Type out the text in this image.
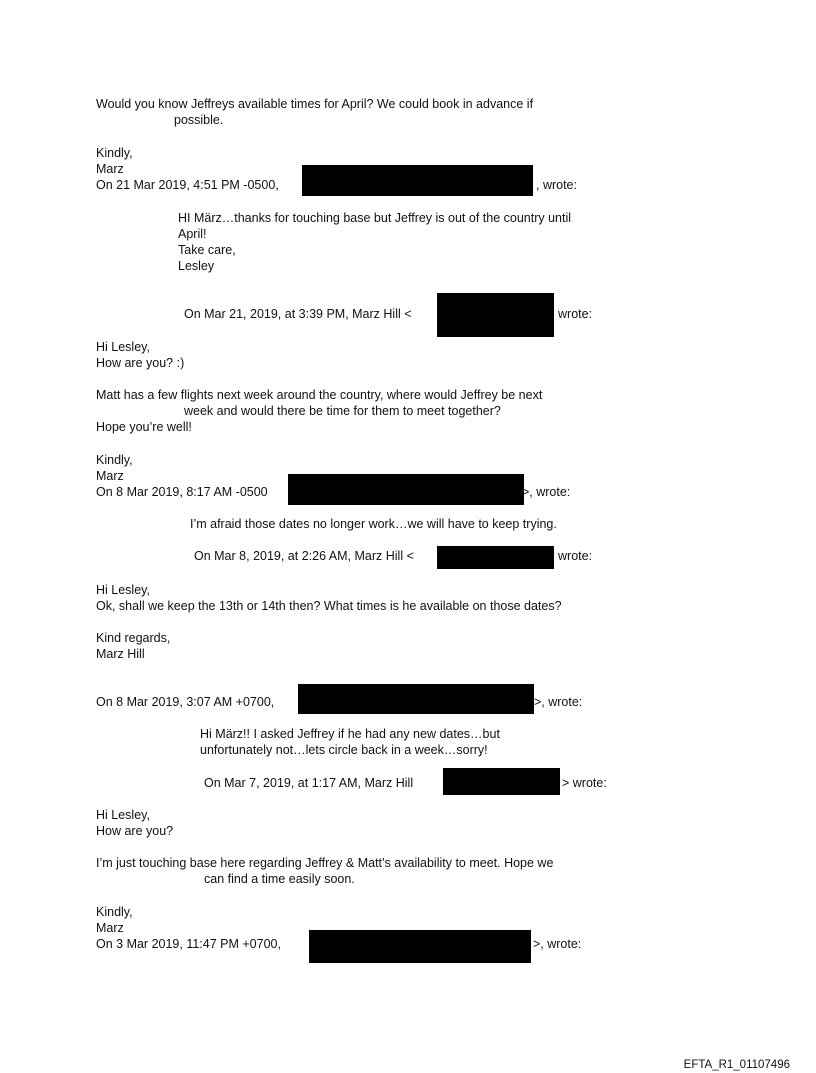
Would you know Jeffreys available times for April? We could book in advance if
possible.
Kindly,
Marz
On 21 Mar 2019, 4:51 PM -0500,	, wrote:
HI März…thanks for touching base but Jeffrey is out of the country until
April!
Take care,
Lesley
On Mar 21, 2019, at 3:39 PM, Marz Hill <	wrote:
Hi Lesley,
How are you? :)
Matt has a few flights next week around the country, where would Jeffrey be next
week and would there be time for them to meet together?
Hope you’re well!
Kindly,
Marz
On 8 Mar 2019, 8:17 AM -0500	>, wrote:
I’m afraid those dates no longer work…we will have to keep trying.
On Mar 8, 2019, at 2:26 AM, Marz Hill <	wrote:
Hi Lesley,
Ok, shall we keep the 13th or 14th then? What times is he available on those dates?
Kind regards,
Marz Hill
On 8 Mar 2019, 3:07 AM +0700,	>, wrote:
Hi März!! I asked Jeffrey if he had any new dates…but
unfortunately not…lets circle back in a week…sorry!
On Mar 7, 2019, at 1:17 AM, Marz Hill	> wrote:
Hi Lesley,
How are you?
I’m just touching base here regarding Jeffrey & Matt’s availability to meet. Hope we
can find a time easily soon.
Kindly,
Marz
On 3 Mar 2019, 11:47 PM +0700,	>, wrote:
EFTA_R1_01107496
